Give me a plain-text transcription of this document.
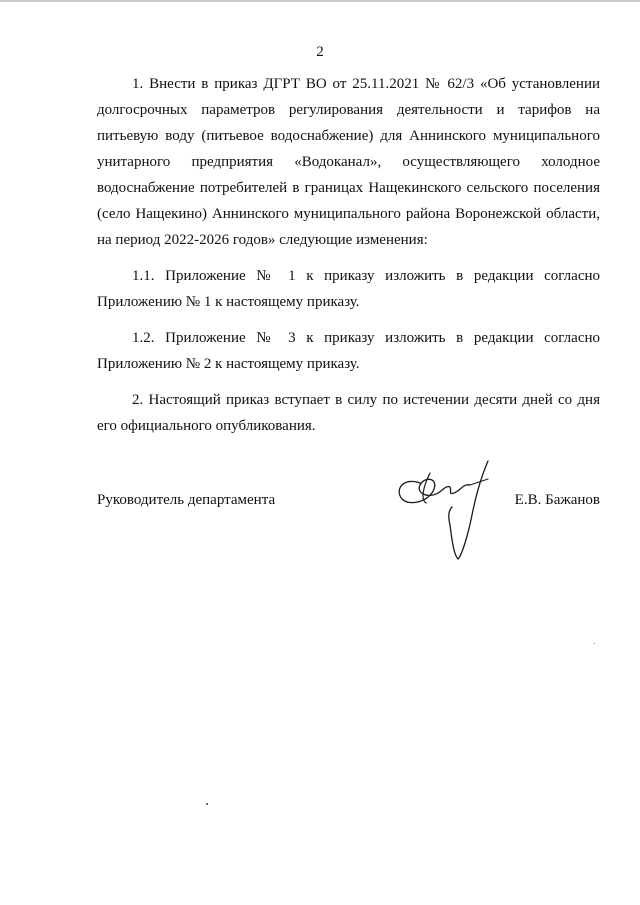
2

1. Внести в приказ ДГРТ ВО от 25.11.2021 № 62/3 «Об установлении долгосрочных параметров регулирования деятельности и тарифов на питьевую воду (питьевое водоснабжение) для Аннинского муниципального унитарного предприятия «Водоканал», осуществляющего холодное водоснабжение потребителей в границах Нащекинского сельского поселения (село Нащекино) Аннинского муниципального района Воронежской области, на период 2022-2026 годов» следующие изменения:

1.1. Приложение № 1 к приказу изложить в редакции согласно Приложению № 1 к настоящему приказу.

1.2. Приложение № 3 к приказу изложить в редакции согласно Приложению № 2 к настоящему приказу.

2. Настоящий приказ вступает в силу по истечении десяти дней со дня его официального опубликования.

Руководитель департамента	Е.В. Бажанов
